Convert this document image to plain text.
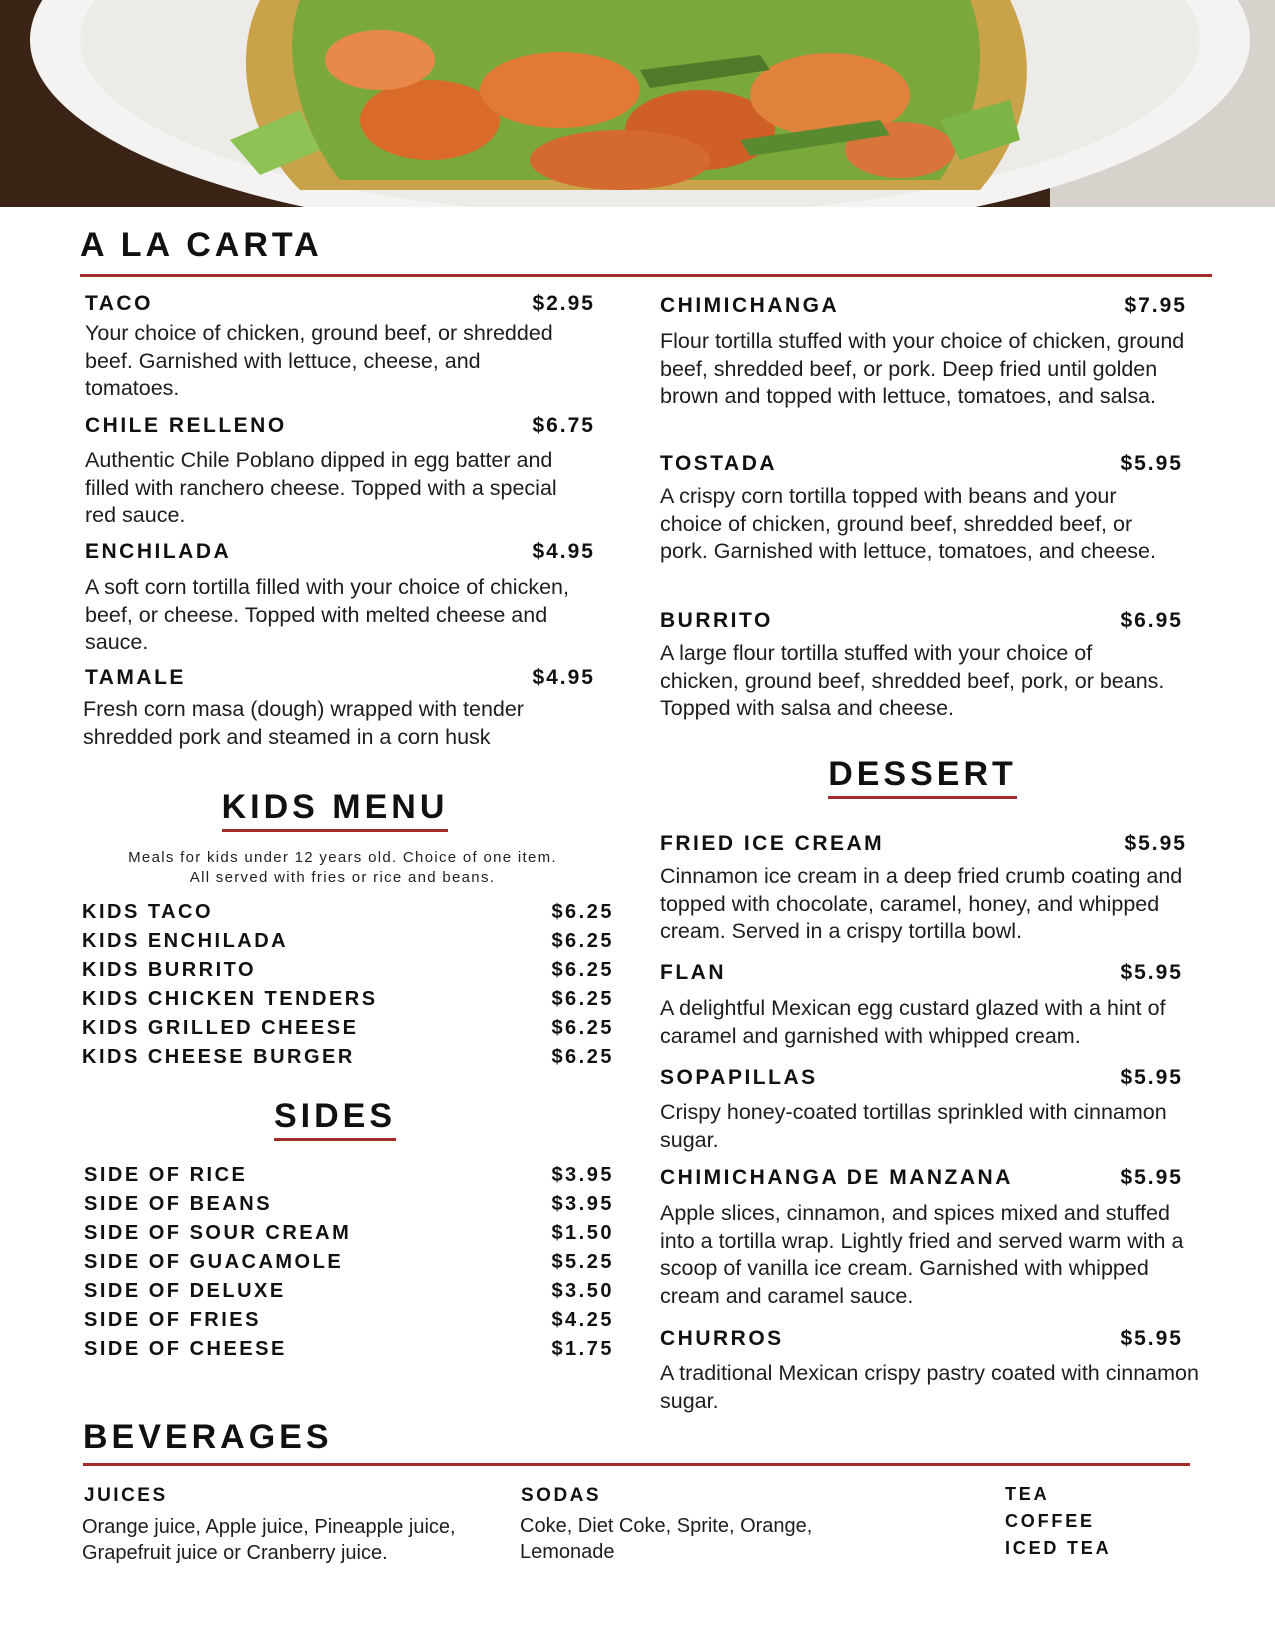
A LA CARTA
TACO	$2.95

Your choice of chicken, ground beef, or shredded beef. Garnished with lettuce, cheese, and tomatoes.

CHILE RELLENO	$6.75

Authentic Chile Poblano dipped in egg batter and filled with ranchero cheese. Topped with a special red sauce.

ENCHILADA	$4.95

A soft corn tortilla filled with your choice of chicken, beef, or cheese. Topped with melted cheese and sauce.

TAMALE	$4.95

Fresh corn masa (dough) wrapped with tender shredded pork and steamed in a corn husk

CHIMICHANGA	$7.95

Flour tortilla stuffed with your choice of chicken, ground beef, shredded beef, or pork. Deep fried until golden brown and topped with lettuce, tomatoes, and salsa.

TOSTADA	$5.95

A crispy corn tortilla topped with beans and your choice of chicken, ground beef, shredded beef, or pork. Garnished with lettuce, tomatoes, and cheese.

BURRITO	$6.95

A large flour tortilla stuffed with your choice of chicken, ground beef, shredded beef, pork, or beans. Topped with salsa and cheese.

KIDS MENU
Meals for kids under 12 years old. Choice of one item.
All served with fries or rice and beans.
KIDS TACO	$6.25
KIDS ENCHILADA	$6.25
KIDS BURRITO	$6.25
KIDS CHICKEN TENDERS	$6.25
KIDS GRILLED CHEESE	$6.25
KIDS CHEESE BURGER	$6.25
SIDES
SIDE OF RICE	$3.95
SIDE OF BEANS	$3.95
SIDE OF SOUR CREAM	$1.50
SIDE OF GUACAMOLE	$5.25
SIDE OF DELUXE	$3.50
SIDE OF FRIES	$4.25
SIDE OF CHEESE	$1.75
DESSERT
FRIED ICE CREAM	$5.95

Cinnamon ice cream in a deep fried crumb coating and topped with chocolate, caramel, honey, and whipped cream. Served in a crispy tortilla bowl.

FLAN	$5.95

A delightful Mexican egg custard glazed with a hint of caramel and garnished with whipped cream.

SOPAPILLAS	$5.95

Crispy honey-coated tortillas sprinkled with cinnamon sugar.

CHIMICHANGA DE MANZANA	$5.95

Apple slices, cinnamon, and spices mixed and stuffed into a tortilla wrap. Lightly fried and served warm with a scoop of vanilla ice cream. Garnished with whipped cream and caramel sauce.

CHURROS	$5.95

A traditional Mexican crispy pastry coated with cinnamon sugar.

BEVERAGES
JUICES

Orange juice, Apple juice, Pineapple juice, Grapefruit juice or Cranberry juice.

SODAS

Coke, Diet Coke, Sprite, Orange, Lemonade

TEA
COFFEE
ICED TEA
